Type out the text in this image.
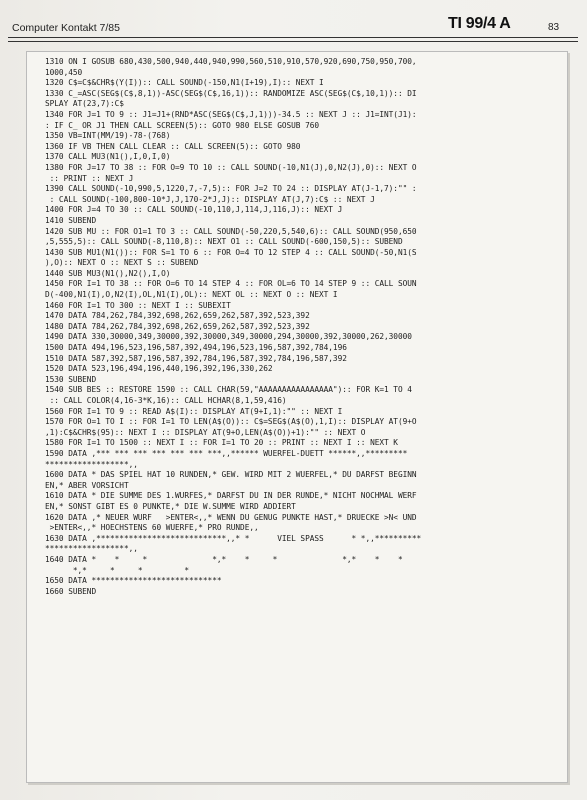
Computer Kontakt 7/85	TI 99/4 A	83
1310 ON I GOSUB 680,430,500,940,440,940,990,560,510,910,570,920,690,750,950,700,
1000,450
1320 C$=C$&CHR$(Y(I)):: CALL SOUND(-150,N1(I+19),I):: NEXT I
1330 C_=ASC(SEG$(C$,8,1))-ASC(SEG$(C$,16,1)):: RANDOMIZE ASC(SEG$(C$,10,1)):: DI
SPLAY AT(23,7):C$
1340 FOR J=1 TO 9 :: J1=J1+(RND*ASC(SEG$(C$,J,1)))-34.5 :: NEXT J :: J1=INT(J1):
: IF C_ OR J1 THEN CALL SCREEN(5):: GOTO 980 ELSE GOSUB 760
1350 VB=INT(MM/19)-78-(768)
1360 IF VB THEN CALL CLEAR :: CALL SCREEN(5):: GOTO 980
1370 CALL MU3(N1(),I,0,I,0)
1380 FOR J=17 TO 38 :: FOR O=9 TO 10 :: CALL SOUND(-10,N1(J),0,N2(J),0):: NEXT O
:: PRINT :: NEXT J
1390 CALL SOUND(-10,990,5,1220,7,-7,5):: FOR J=2 TO 24 :: DISPLAY AT(J-1,7):"" :
: CALL SOUND(-100,800-10*J,J,170-2*J,J):: DISPLAY AT(J,7):C$ :: NEXT J
1400 FOR J=4 TO 30 :: CALL SOUND(-10,110,J,114,J,116,J):: NEXT J
1410 SUBEND
1420 SUB MU :: FOR O1=1 TO 3 :: CALL SOUND(-50,220,5,540,6):: CALL SOUND(950,650
,5,555,5):: CALL SOUND(-8,110,8):: NEXT O1 :: CALL SOUND(-600,150,5):: SUBEND
1430 SUB MU1(N1()):: FOR S=1 TO 6 :: FOR O=4 TO 12 STEP 4 :: CALL SOUND(-50,N1(S
),O):: NEXT O :: NEXT S :: SUBEND
1440 SUB MU3(N1(),N2(),I,O)
1450 FOR I=1 TO 38 :: FOR O=6 TO 14 STEP 4 :: FOR OL=6 TO 14 STEP 9 :: CALL SOUN
D(-400,N1(I),O,N2(I),OL,N1(I),OL):: NEXT OL :: NEXT O :: NEXT I
1460 FOR I=1 TO 300 :: NEXT I :: SUBEXIT
1470 DATA 784,262,784,392,698,262,659,262,587,392,523,392
1480 DATA 784,262,784,392,698,262,659,262,587,392,523,392
1490 DATA 330,30000,349,30000,392,30000,349,30000,294,30000,392,30000,262,30000
1500 DATA 494,196,523,196,587,392,494,196,523,196,587,392,784,196
1510 DATA 587,392,587,196,587,392,784,196,587,392,784,196,587,392
1520 DATA 523,196,494,196,440,196,392,196,330,262
1530 SUBEND
1540 SUB BES :: RESTORE 1590 :: CALL CHAR(59,"AAAAAAAAAAAAAAAA"):: FOR K=1 TO 4
:: CALL COLOR(4,16-3*K,16):: CALL HCHAR(8,1,59,416)
1560 FOR I=1 TO 9 :: READ A$(I):: DISPLAY AT(9+I,1):"" :: NEXT I
1570 FOR O=1 TO I :: FOR I=1 TO LEN(A$(O)):: C$=SEG$(A$(O),1,I):: DISPLAY AT(9+O
,1):C$&CHR$(95):: NEXT I :: DISPLAY AT(9+O,LEN(A$(O))+1):"" :: NEXT O
1580 FOR I=1 TO 1500 :: NEXT I :: FOR I=1 TO 20 :: PRINT :: NEXT I :: NEXT K
1590 DATA ,*** *** *** *** *** *** ***,,****** WUERFEL-DUETT ******,,*********
******************,,
1600 DATA * DAS SPIEL HAT 10 RUNDEN,* GEW. WIRD MIT 2 WUERFEL,* DU DARFST BEGINN
EN,* ABER VORSICHT
1610 DATA * DIE SUMME DES 1.WURFES,* DARFST DU IN DER RUNDE,* NICHT NOCHMAL WERF
EN,* SONST GIBT ES 0 PUNKTE,* DIE W.SUMME WIRD ADDIERT
1620 DATA ,* NEUER WURF   >ENTER<,,* WENN DU GENUG PUNKTE HAST,* DRUECKE >N< UND
>ENTER<,,* HOECHSTENS 60 WUERFE,* PRO RUNDE,,
1630 DATA ,****************************,,* *      VIEL SPASS      * *,,**********
******************,,
1640 DATA *    *     *              *,*    *     *              *,*    *    *
*,*     *     *         *
1650 DATA ****************************
1660 SUBEND
